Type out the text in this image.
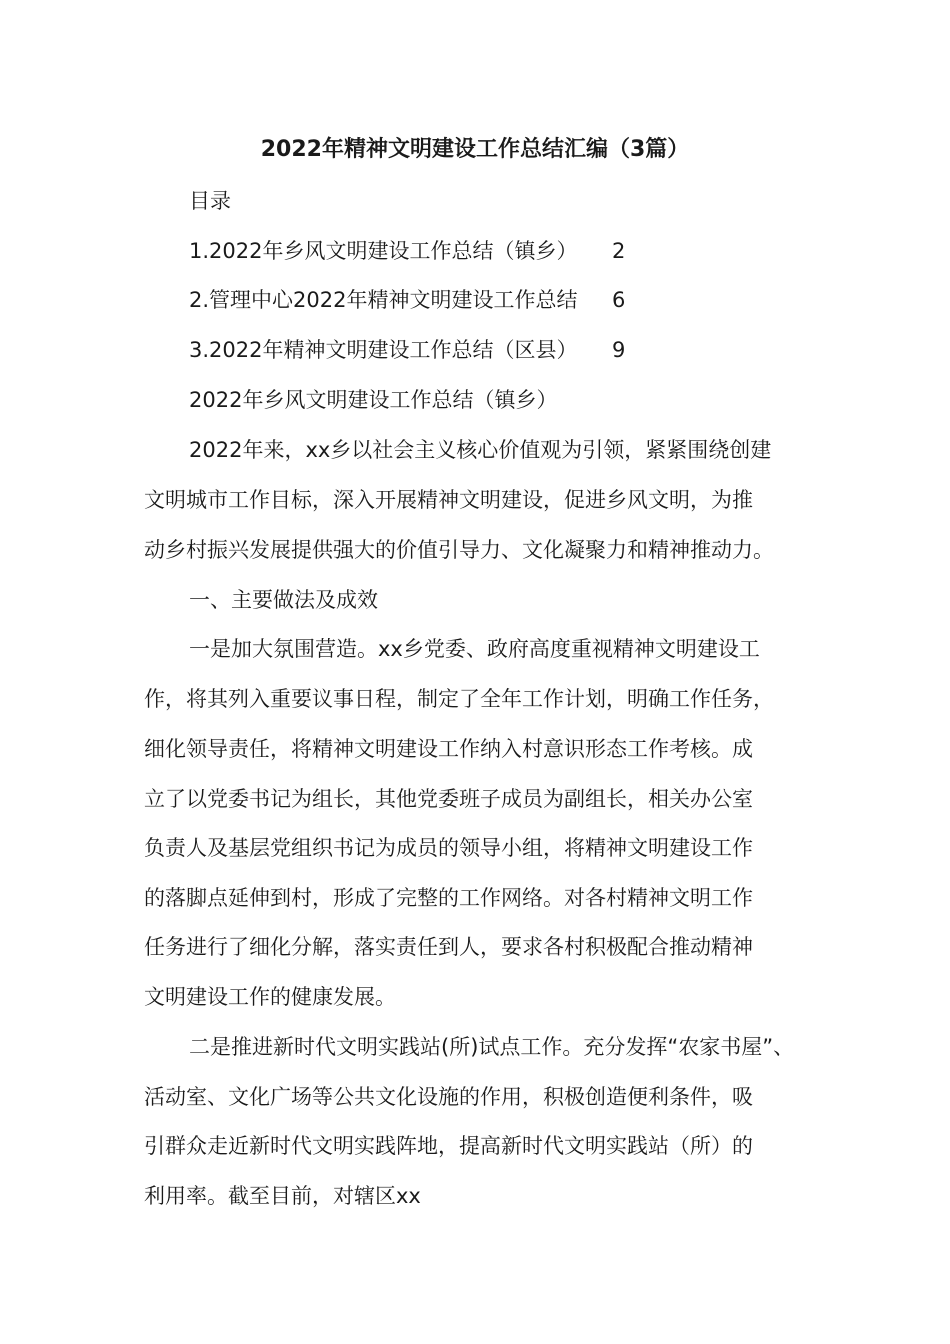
2022年精神文明建设工作总结汇编（3篇）
目录
1.2022年乡风文明建设工作总结（镇乡） 2
2.管理中心2022年精神文明建设工作总结 6
3.2022年精神文明建设工作总结（区县） 9
2022年乡风文明建设工作总结（镇乡）
2022年来，xx乡以社会主义核心价值观为引领，紧紧围绕创建
文明城市工作目标，深入开展精神文明建设，促进乡风文明，为推
动乡村振兴发展提供强大的价值引导力、文化凝聚力和精神推动力。
一、主要做法及成效
一是加大氛围营造。xx乡党委、政府高度重视精神文明建设工
作，将其列入重要议事日程，制定了全年工作计划，明确工作任务，
细化领导责任，将精神文明建设工作纳入村意识形态工作考核。成
立了以党委书记为组长，其他党委班子成员为副组长，相关办公室
负责人及基层党组织书记为成员的领导小组，将精神文明建设工作
的落脚点延伸到村，形成了完整的工作网络。对各村精神文明工作
任务进行了细化分解，落实责任到人，要求各村积极配合推动精神
文明建设工作的健康发展。
二是推进新时代文明实践站(所)试点工作。充分发挥“农家书屋”、
活动室、文化广场等公共文化设施的作用，积极创造便利条件，吸
引群众走近新时代文明实践阵地，提高新时代文明实践站（所）的
利用率。截至目前，对辖区xx
